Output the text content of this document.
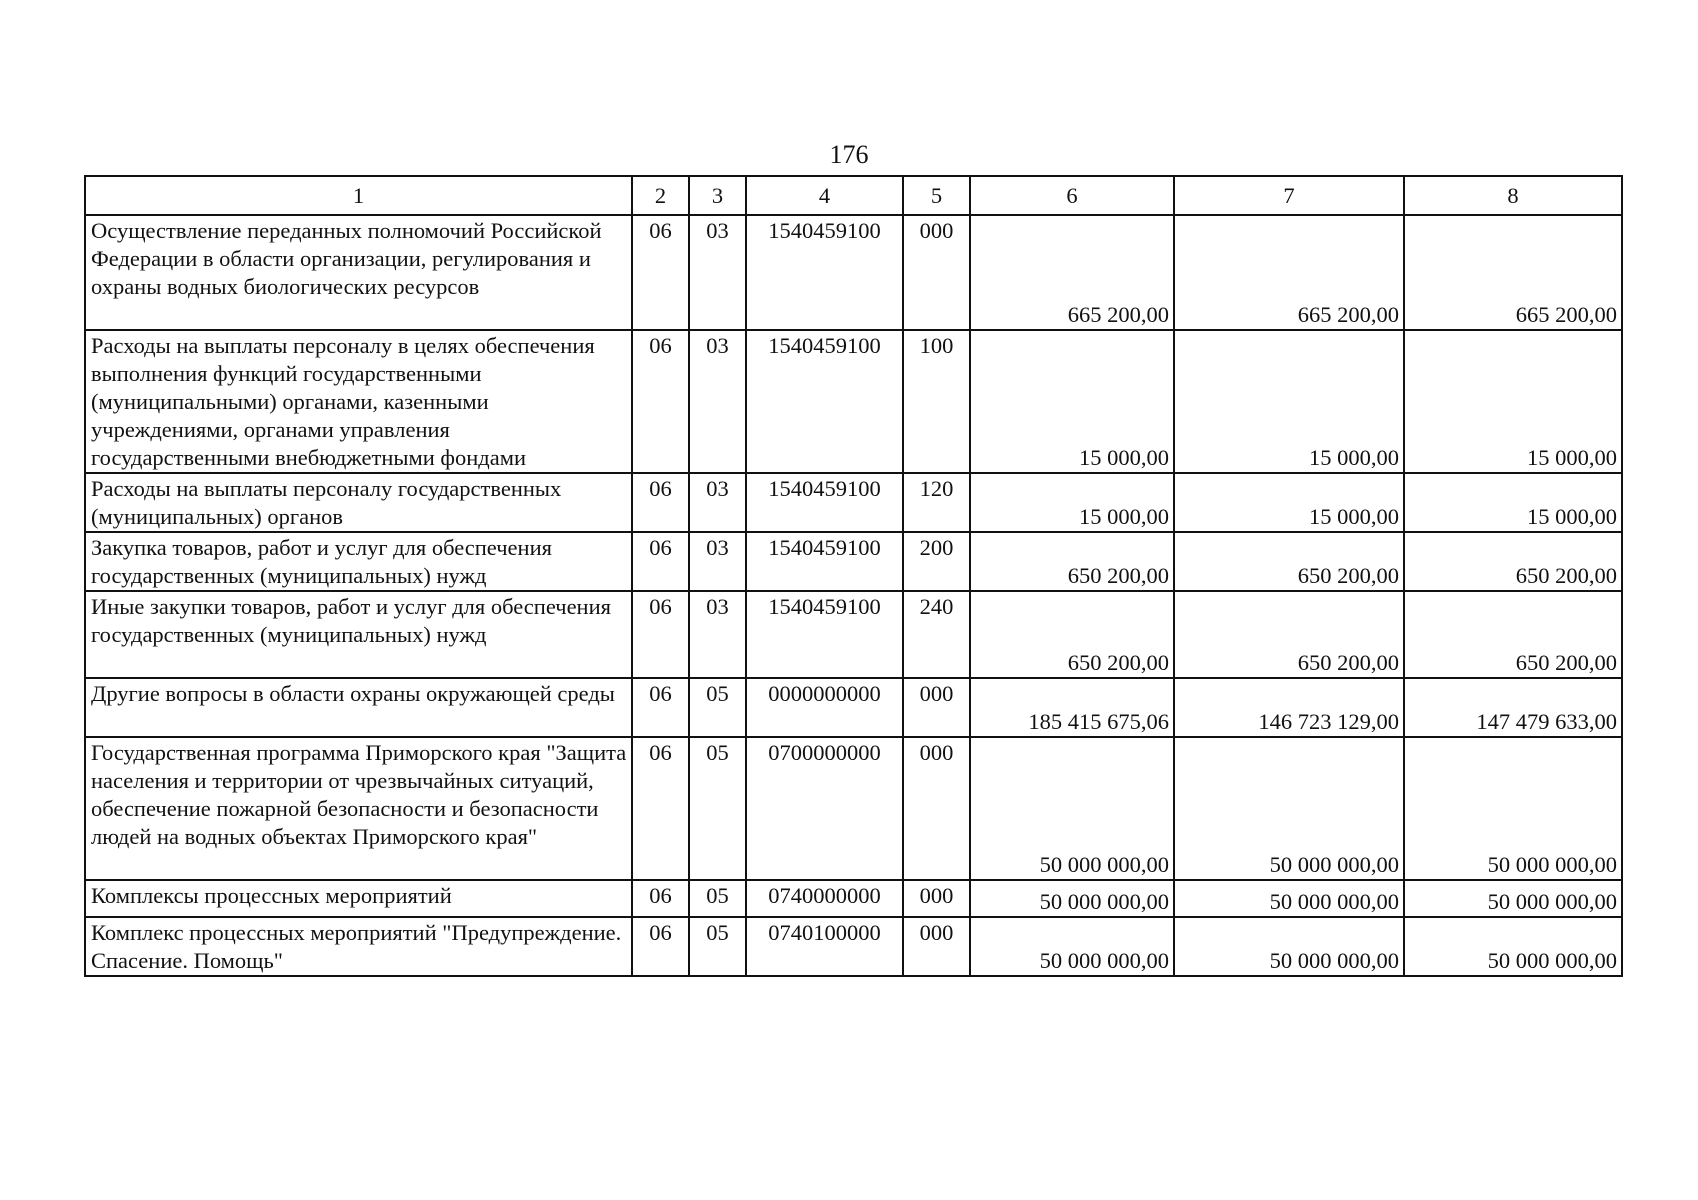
176
1	2	3	4	5	6	7	8
Осуществление переданных полномочий Российской Федерации в области организации, регулирования и охраны водных биологических ресурсов	06	03	1540459100	000	665 200,00	665 200,00	665 200,00
Расходы на выплаты персоналу в целях обеспечения выполнения функций государственными (муниципальными) органами, казенными учреждениями, органами управления государственными внебюджетными фондами	06	03	1540459100	100	15 000,00	15 000,00	15 000,00
Расходы на выплаты персоналу государственных (муниципальных) органов	06	03	1540459100	120	15 000,00	15 000,00	15 000,00
Закупка товаров, работ и услуг для обеспечения государственных (муниципальных) нужд	06	03	1540459100	200	650 200,00	650 200,00	650 200,00
Иные закупки товаров, работ и услуг для обеспечения государственных (муниципальных) нужд	06	03	1540459100	240	650 200,00	650 200,00	650 200,00
Другие вопросы в области охраны окружающей среды	06	05	0000000000	000	185 415 675,06	146 723 129,00	147 479 633,00
Государственная программа Приморского края "Защита населения и территории от чрезвычайных ситуаций, обеспечение пожарной безопасности и безопасности людей на водных объектах Приморского края"	06	05	0700000000	000	50 000 000,00	50 000 000,00	50 000 000,00
Комплексы процессных мероприятий	06	05	0740000000	000	50 000 000,00	50 000 000,00	50 000 000,00
Комплекс процессных мероприятий "Предупреждение. Спасение. Помощь"	06	05	0740100000	000	50 000 000,00	50 000 000,00	50 000 000,00
